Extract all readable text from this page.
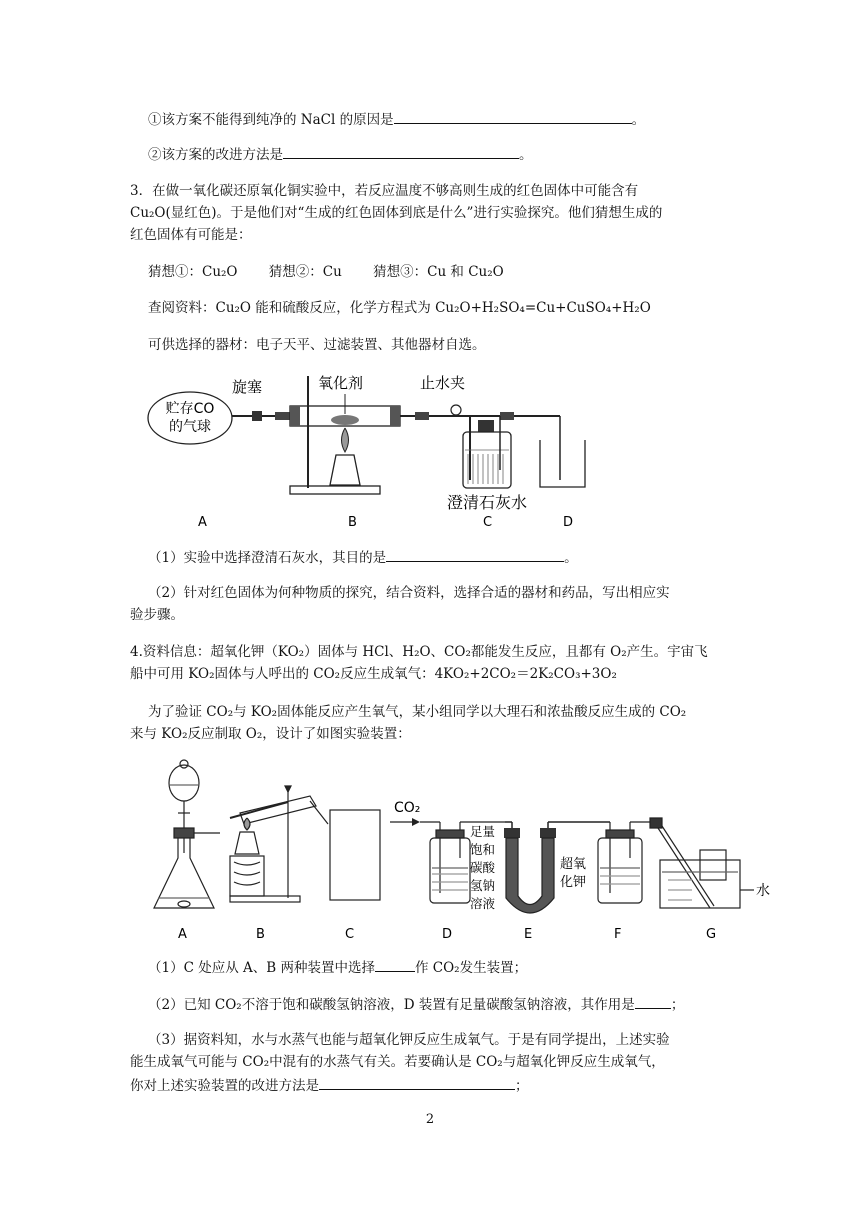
①该方案不能得到纯净的 NaCl 的原因是	。
②该方案的改进方法是	。
3．在做一氧化碳还原氧化铜实验中，若反应温度不够高则生成的红色固体中可能含有
Cu₂O(显红色)。于是他们对“生成的红色固体到底是什么”进行实验探究。他们猜想生成的
红色固体有可能是：
猜想①：Cu₂O　　 猜想②：Cu　　 猜想③：Cu 和 Cu₂O
查阅资料：Cu₂O 能和硫酸反应，化学方程式为 Cu₂O+H₂SO₄=Cu+CuSO₄+H₂O
可供选择的器材：电子天平、过滤装置、其他器材自选。
贮存CO
的气球
旋塞	氧化剂	止水夹
澄清石灰水
A	B	C	D
（1）实验中选择澄清石灰水，其目的是	。
（2）针对红色固体为何种物质的探究，结合资料，选择合适的器材和药品，写出相应实
验步骤。
4.资料信息：超氧化钾（KO₂）固体与 HCl、H₂O、CO₂都能发生反应，且都有 O₂产生。宇宙飞
船中可用 KO₂固体与人呼出的 CO₂反应生成氧气：4KO₂+2CO₂＝2K₂CO₃+3O₂
为了验证 CO₂与 KO₂固体能反应产生氧气，某小组同学以大理石和浓盐酸反应生成的 CO₂
来与 KO₂反应制取 O₂，设计了如图实验装置：
CO₂
足量
饱和
碳酸
氢钠
溶液
超氧
化钾
水
A	B	C	D	E	F	G
（1）C 处应从 A、B 两种装置中选择	作 CO₂发生装置；
（2）已知 CO₂不溶于饱和碳酸氢钠溶液，D 装置有足量碳酸氢钠溶液，其作用是	；
（3）据资料知，水与水蒸气也能与超氧化钾反应生成氧气。于是有同学提出，上述实验
能生成氧气可能与 CO₂中混有的水蒸气有关。若要确认是 CO₂与超氧化钾反应生成氧气，
你对上述实验装置的改进方法是	；
2
